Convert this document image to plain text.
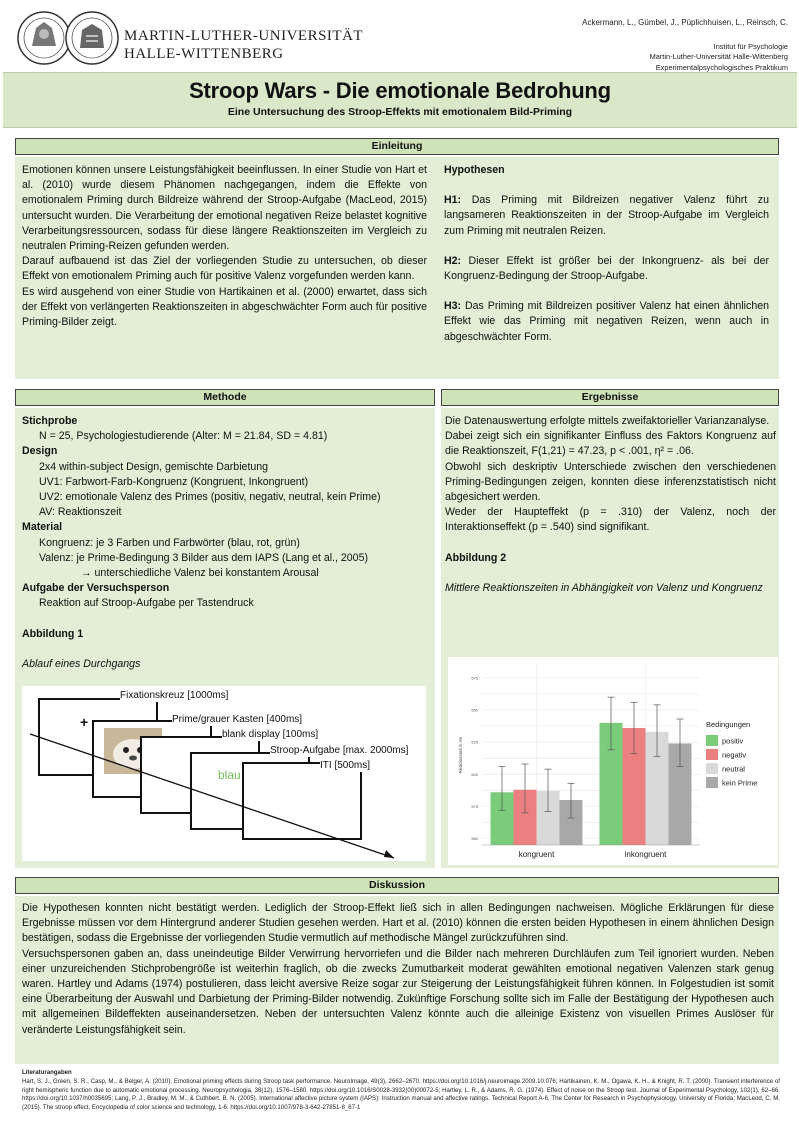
MARTIN-LUTHER-UNIVERSITÄT
HALLE-WITTENBERG
Ackermann, L., Gümbel, J., Püplichhuisen, L., Reinsch, C.
Institut für Psychologie
Martin-Luther-Universität Halle-Wittenberg
Experimentalpsychologisches Praktikum
Stroop Wars - Die emotionale Bedrohung
Eine Untersuchung des Stroop-Effekts mit emotionalem Bild-Priming
Einleitung
Emotionen können unsere Leistungsfähigkeit beeinflussen. In einer Studie von Hart et al. (2010) wurde diesem Phänomen nachgegangen, indem die Effekte von emotionalem Priming durch Bildreize während der Stroop-Aufgabe (MacLeod, 2015) untersucht wurden. Die Verarbeitung der emotional negativen Reize belastet kognitive Verarbeitungsressourcen, sodass für diese längere Reaktionszeiten im Vergleich zu neutralen Priming-Reizen gefunden werden.
Darauf aufbauend ist das Ziel der vorliegenden Studie zu untersuchen, ob dieser Effekt von emotionalem Priming auch für positive Valenz vorgefunden werden kann.
Es wird ausgehend von einer Studie von Hartikainen et al. (2000) erwartet, dass sich der Effekt von verlängerten Reaktionszeiten in abgeschwächter Form auch für positive Priming-Bilder zeigt.
Hypothesen
H1: Das Priming mit Bildreizen negativer Valenz führt zu langsameren Reaktionszeiten in der Stroop-Aufgabe im Vergleich zum Priming mit neutralen Reizen.
H2: Dieser Effekt ist größer bei der Inkongruenz- als bei der Kongruenz-Bedingung der Stroop-Aufgabe.
H3: Das Priming mit Bildreizen positiver Valenz hat einen ähnlichen Effekt wie das Priming mit negativen Reizen, wenn auch in abgeschwächter Form.
Methode
Stichprobe
N = 25, Psychologiestudierende (Alter: M = 21.84, SD = 4.81)
Design
2x4 within-subject Design, gemischte Darbietung
UV1: Farbwort-Farb-Kongruenz (Kongruent, Inkongruent)
UV2: emotionale Valenz des Primes (positiv, negativ, neutral, kein Prime)
AV: Reaktionszeit
Material
Kongruenz: je 3 Farben und Farbwörter (blau, rot, grün)
Valenz: je Prime-Bedingung 3 Bilder aus dem IAPS (Lang et al., 2005)
→ unterschiedliche Valenz bei konstantem Arousal
Aufgabe der Versuchsperson
Reaktion auf Stroop-Aufgabe per Tastendruck
Abbildung 1
Ablauf eines Durchgangs
+
blau
Fixationskreuz [1000ms]
Prime/grauer Kasten [400ms]
blank display [100ms]
Stroop-Aufgabe [max. 2000ms]
ITI [500ms]
Ergebnisse
Die Datenauswertung erfolgte mittels zweifaktorieller Varianzanalyse.
Dabei zeigt sich ein signifikanter Einfluss des Faktors Kongruenz auf die Reaktionszeit, F(1,21) = 47.23, p < .001, η² = .06.
Obwohl sich deskriptiv Unterschiede zwischen den verschiedenen Priming-Bedingungen zeigen, konnten diese inferenzstatistisch nicht abgesichert werden.
Weder der Haupteffekt (p = .310) der Valenz, noch der Interaktionseffekt (p = .540) sind signifikant.
Abbildung 2
Mittlere Reaktionszeiten in Abhängigkeit von Valenz und Kongruenz
550
575
600
625
650
675
Reaktionszeit in ms
kongruent	inkongruent
Bedingungen
positiv
negativ
neutral
kein Prime
Diskussion
Die Hypothesen konnten nicht bestätigt werden. Lediglich der Stroop-Effekt ließ sich in allen Bedingungen nachweisen. Mögliche Erklärungen für diese Ergebnisse müssen vor dem Hintergrund anderer Studien gesehen werden. Hart et al. (2010) können die ersten beiden Hypothesen in einem ähnlichen Design bestätigen, sodass die Ergebnisse der vorliegenden Studie vermutlich auf methodische Mängel zurückzuführen sind.
Versuchspersonen gaben an, dass uneindeutige Bilder Verwirrung hervorriefen und die Bilder nach mehreren Durchläufen zum Teil ignoriert wurden. Neben einer unzureichenden Stichprobengröße ist weiterhin fraglich, ob die zwecks Zumutbarkeit moderat gewählten emotional negativen Valenzen stark genug waren. Hartley und Adams (1974) postulieren, dass leicht aversive Reize sogar zur Steigerung der Leistungsfähigkeit führen können. In Folgestudien ist somit eine Überarbeitung der Auswahl und Darbietung der Priming-Bilder notwendig. Zukünftige Forschung sollte sich im Falle der Bestätigung der Hypothesen auch mit allgemeinen Bildeffekten auseinandersetzen. Neben der untersuchten Valenz könnte auch die alleinige Existenz von visuellen Primes Auslöser für veränderte Leistungsfähigkeit sein.
Literaturangaben
Hart, S. J., Green, S. R., Casp, M., & Belger, A. (2010). Emotional priming effects during Stroop task performance. NeuroImage, 49(3), 2662–2670. https://doi.org/10.1016/j.neuroimage.2009.10.076; Hartikainen, K. M., Ogawa, K. H., & Knight, R. T. (2000). Transient interference of right hemispheric function due to automatic emotional processing. Neuropsychologia, 38(12), 1576–1580. https://doi.org/10.1016/S0028-3932(00)00072-5; Hartley, L. R., & Adams, R. G. (1974). Effect of noise on the Stroop test. Journal of Experimental Psychology, 102(1), 62–66. https://doi.org/10.1037/h0035695; Lang, P. J., Bradley, M. M., & Cuthbert, B. N. (2005). International affective picture system (IAPS): Instruction manual and affective ratings. Technical Report A-6, The Center for Research in Psychophysiology, University of Florida; MacLeod, C. M. (2015). The stroop effect. Encyclopedia of color science and technology, 1-6. https://doi.org/10.1007/978-3-642-27851-8_67-1
